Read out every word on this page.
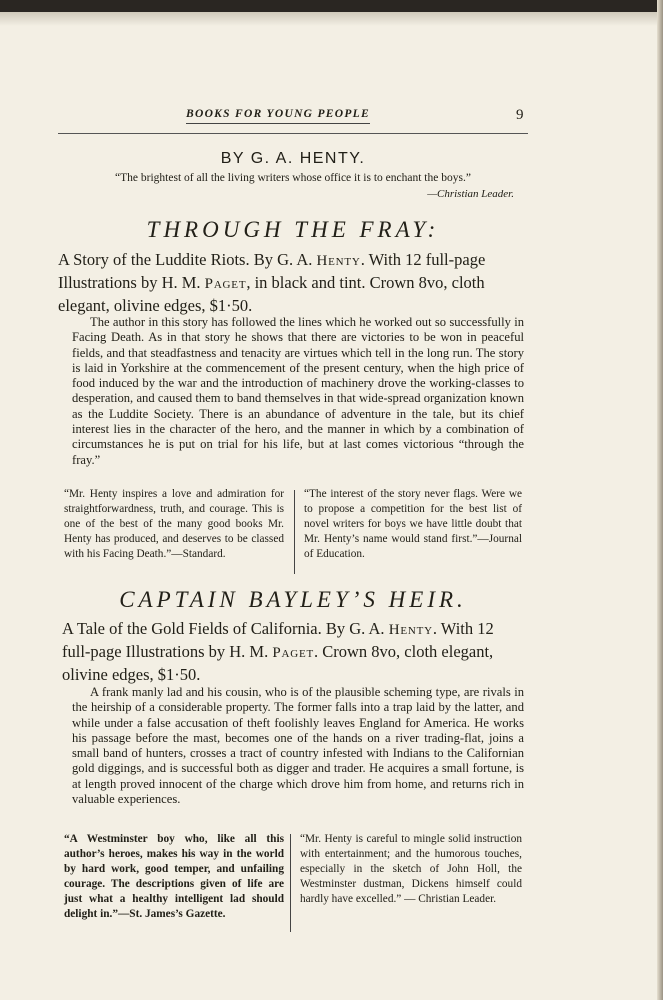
BOOKS FOR YOUNG PEOPLE	9
BY G. A. HENTY.
“The brightest of all the living writers whose office it is to enchant the boys.”
—Christian Leader.
THROUGH THE FRAY:

A Story of the Luddite Riots. By G. A. Henty. With 12 full-page Illustrations by H. M. Paget, in black and tint. Crown 8vo, cloth elegant, olivine edges, $1·50.

The author in this story has followed the lines which he worked out so successfully in Facing Death. As in that story he shows that there are victories to be won in peaceful fields, and that steadfastness and tenacity are virtues which tell in the long run. The story is laid in Yorkshire at the commencement of the present century, when the high price of food induced by the war and the introduction of machinery drove the working-classes to desperation, and caused them to band themselves in that wide-spread organization known as the Luddite Society. There is an abundance of adventure in the tale, but its chief interest lies in the character of the hero, and the manner in which by a combination of circumstances he is put on trial for his life, but at last comes victorious “through the fray.”

“Mr. Henty inspires a love and admiration for straightforwardness, truth, and courage. This is one of the best of the many good books Mr. Henty has produced, and deserves to be classed with his Facing Death.”—Standard.

“The interest of the story never flags. Were we to propose a competition for the best list of novel writers for boys we have little doubt that Mr. Henty’s name would stand first.”—Journal of Education.

CAPTAIN BAYLEY’S HEIR.

A Tale of the Gold Fields of California. By G. A. Henty. With 12 full-page Illustrations by H. M. Paget. Crown 8vo, cloth elegant, olivine edges, $1·50.

A frank manly lad and his cousin, who is of the plausible scheming type, are rivals in the heirship of a considerable property. The former falls into a trap laid by the latter, and while under a false accusation of theft foolishly leaves England for America. He works his passage before the mast, becomes one of the hands on a river trading-flat, joins a small band of hunters, crosses a tract of country infested with Indians to the Californian gold diggings, and is successful both as digger and trader. He acquires a small fortune, is at length proved innocent of the charge which drove him from home, and returns rich in valuable experiences.

“A Westminster boy who, like all this author’s heroes, makes his way in the world by hard work, good temper, and unfailing courage. The descriptions given of life are just what a healthy intelligent lad should delight in.”—St. James’s Gazette.

“Mr. Henty is careful to mingle solid instruction with entertainment; and the humorous touches, especially in the sketch of John Holl, the Westminster dustman, Dickens himself could hardly have excelled.” — Christian Leader.
